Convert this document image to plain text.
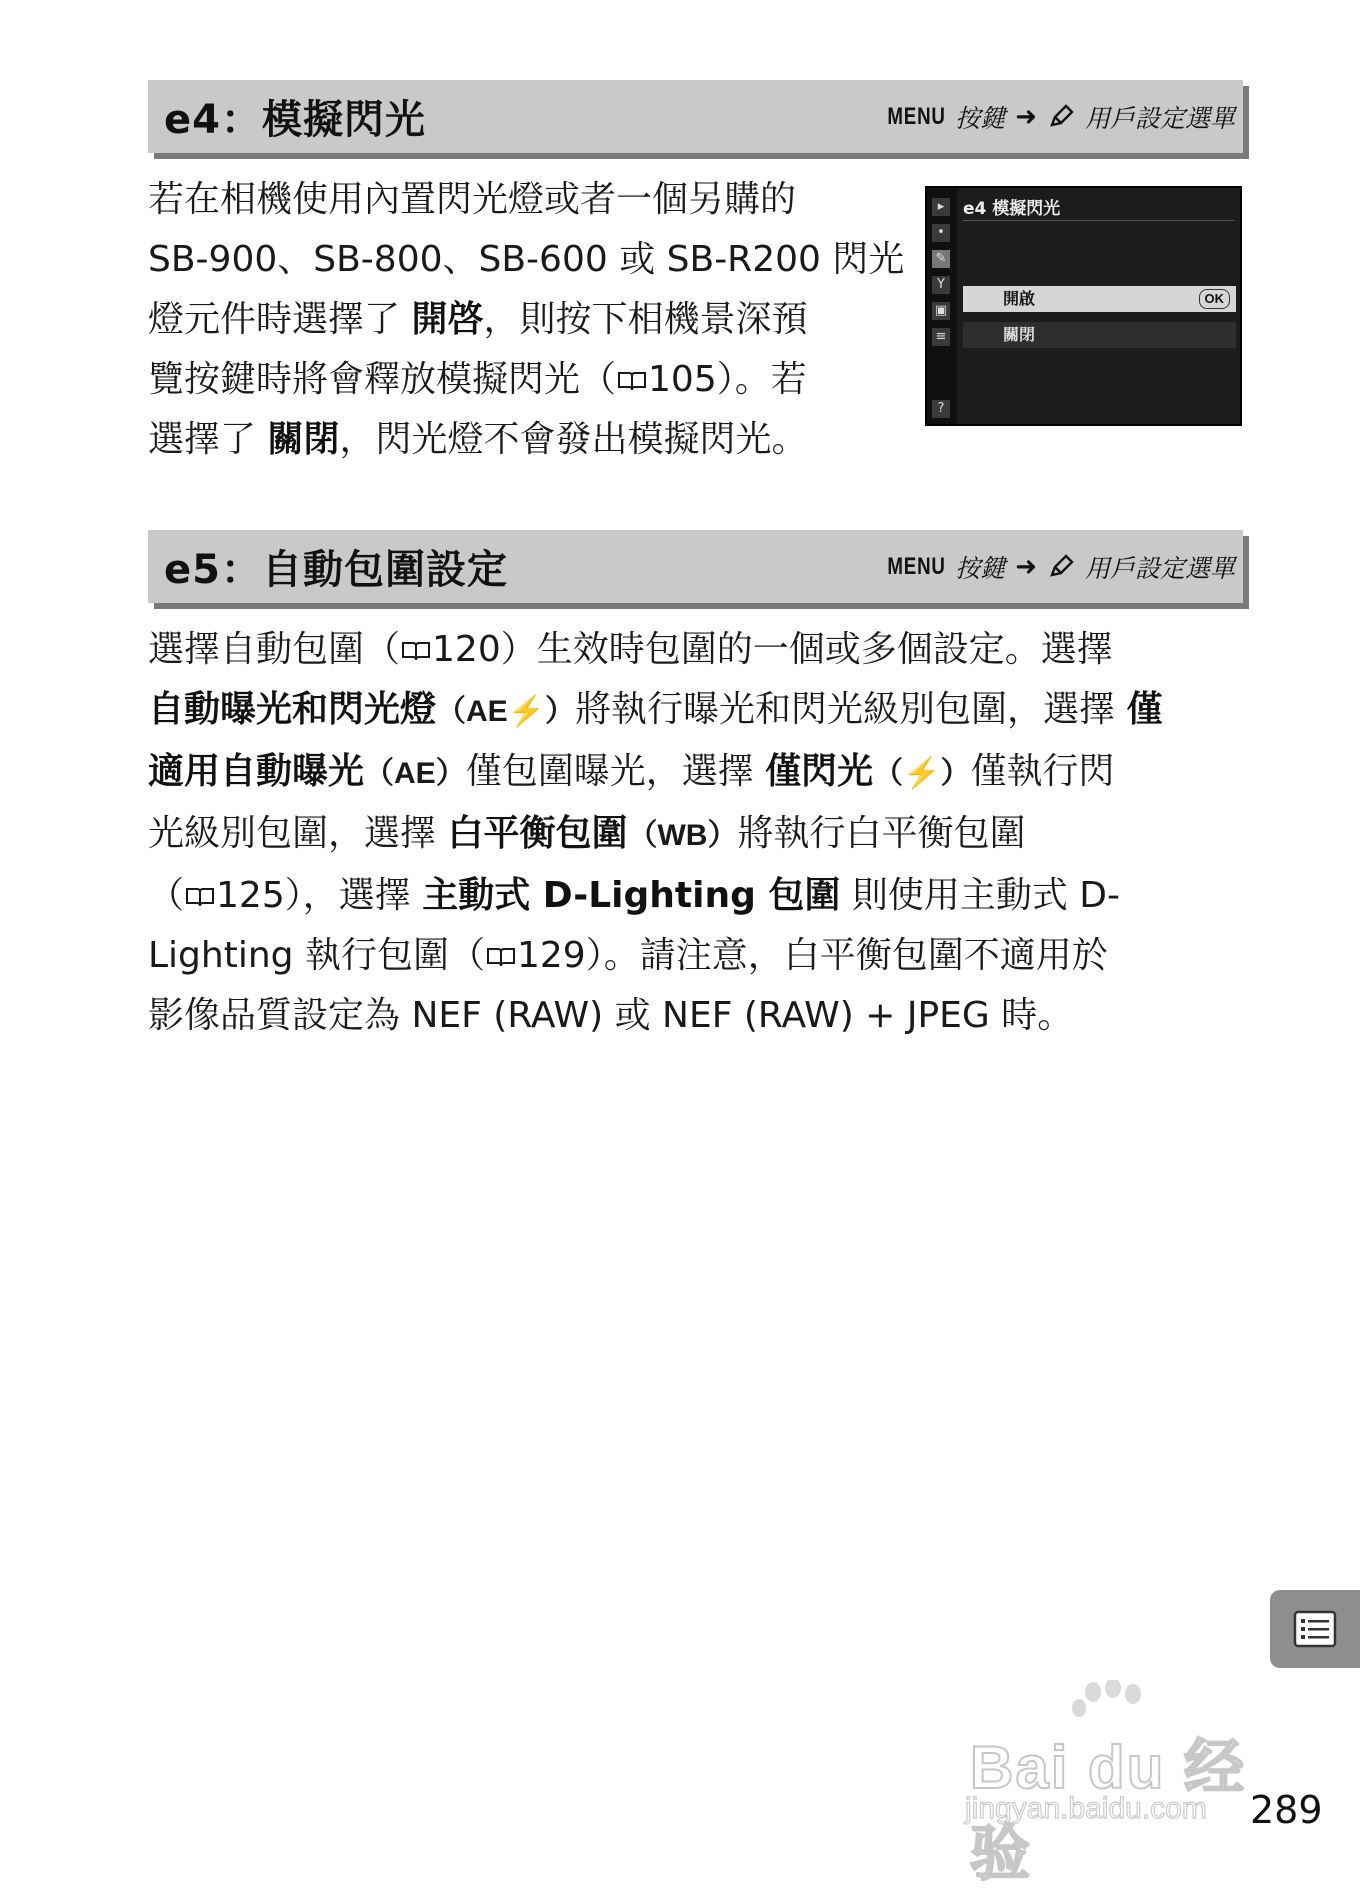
e4：模擬閃光	MENU 按鍵 ➜ 用戶設定選單
若在相機使用內置閃光燈或者一個另購的
SB-900、SB-800、SB-600 或 SB-R200 閃光
燈元件時選擇了 開啓，則按下相機景深預
覽按鍵時將會釋放模擬閃光（ 105）。若
選擇了 關閉，閃光燈不會發出模擬閃光。
▸
•
✎
Y
▣
≡
?
e4 模擬閃光
開啟	OK
關閉
e5：自動包圍設定	MENU 按鍵 ➜ 用戶設定選單
選擇自動包圍（ 120）生效時包圍的一個或多個設定。選擇
自動曝光和閃光燈（AE⚡）將執行曝光和閃光級別包圍，選擇 僅
適用自動曝光（AE）僅包圍曝光，選擇 僅閃光（⚡）僅執行閃
光級別包圍，選擇 白平衡包圍（WB）將執行白平衡包圍
（ 125），選擇 主動式 D-Lighting 包圍 則使用主動式 D-
Lighting 執行包圍（ 129）。請注意，白平衡包圍不適用於
影像品質設定為 NEF (RAW) 或 NEF (RAW) + JPEG 時。
Bai du 经验
jingyan.baidu.com 289
